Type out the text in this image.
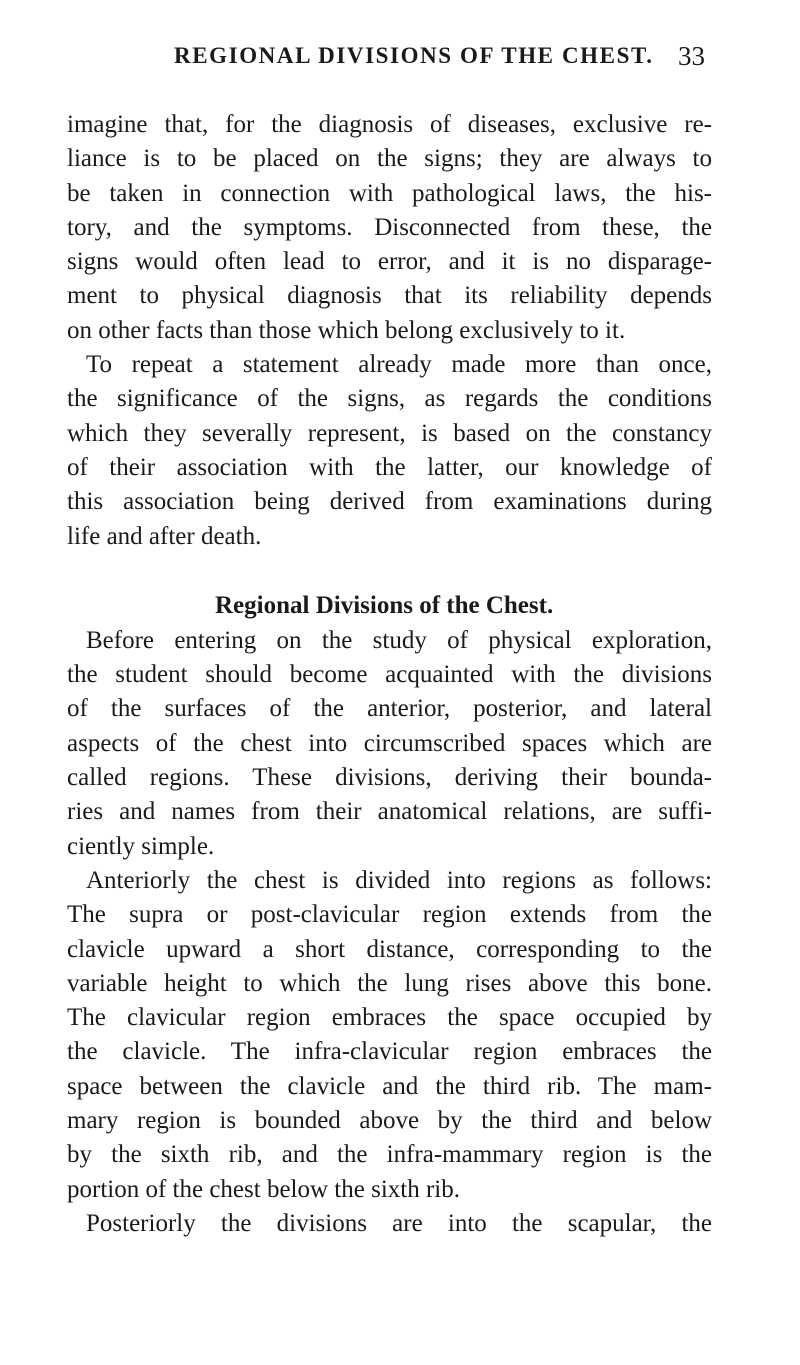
REGIONAL DIVISIONS OF THE CHEST. 33
imagine that, for the diagnosis of diseases, exclusive re-
liance is to be placed on the signs; they are always to
be taken in connection with pathological laws, the his-
tory, and the symptoms. Disconnected from these, the
signs would often lead to error, and it is no disparage-
ment to physical diagnosis that its reliability depends
on other facts than those which belong exclusively to it.
To repeat a statement already made more than once,
the significance of the signs, as regards the conditions
which they severally represent, is based on the constancy
of their association with the latter, our knowledge of
this association being derived from examinations during
life and after death.
Regional Divisions of the Chest.
Before entering on the study of physical exploration,
the student should become acquainted with the divisions
of the surfaces of the anterior, posterior, and lateral
aspects of the chest into circumscribed spaces which are
called regions. These divisions, deriving their bounda-
ries and names from their anatomical relations, are suffi-
ciently simple.
Anteriorly the chest is divided into regions as follows:
The supra or post-clavicular region extends from the
clavicle upward a short distance, corresponding to the
variable height to which the lung rises above this bone.
The clavicular region embraces the space occupied by
the clavicle. The infra-clavicular region embraces the
space between the clavicle and the third rib. The mam-
mary region is bounded above by the third and below
by the sixth rib, and the infra-mammary region is the
portion of the chest below the sixth rib.
Posteriorly the divisions are into the scapular, the
